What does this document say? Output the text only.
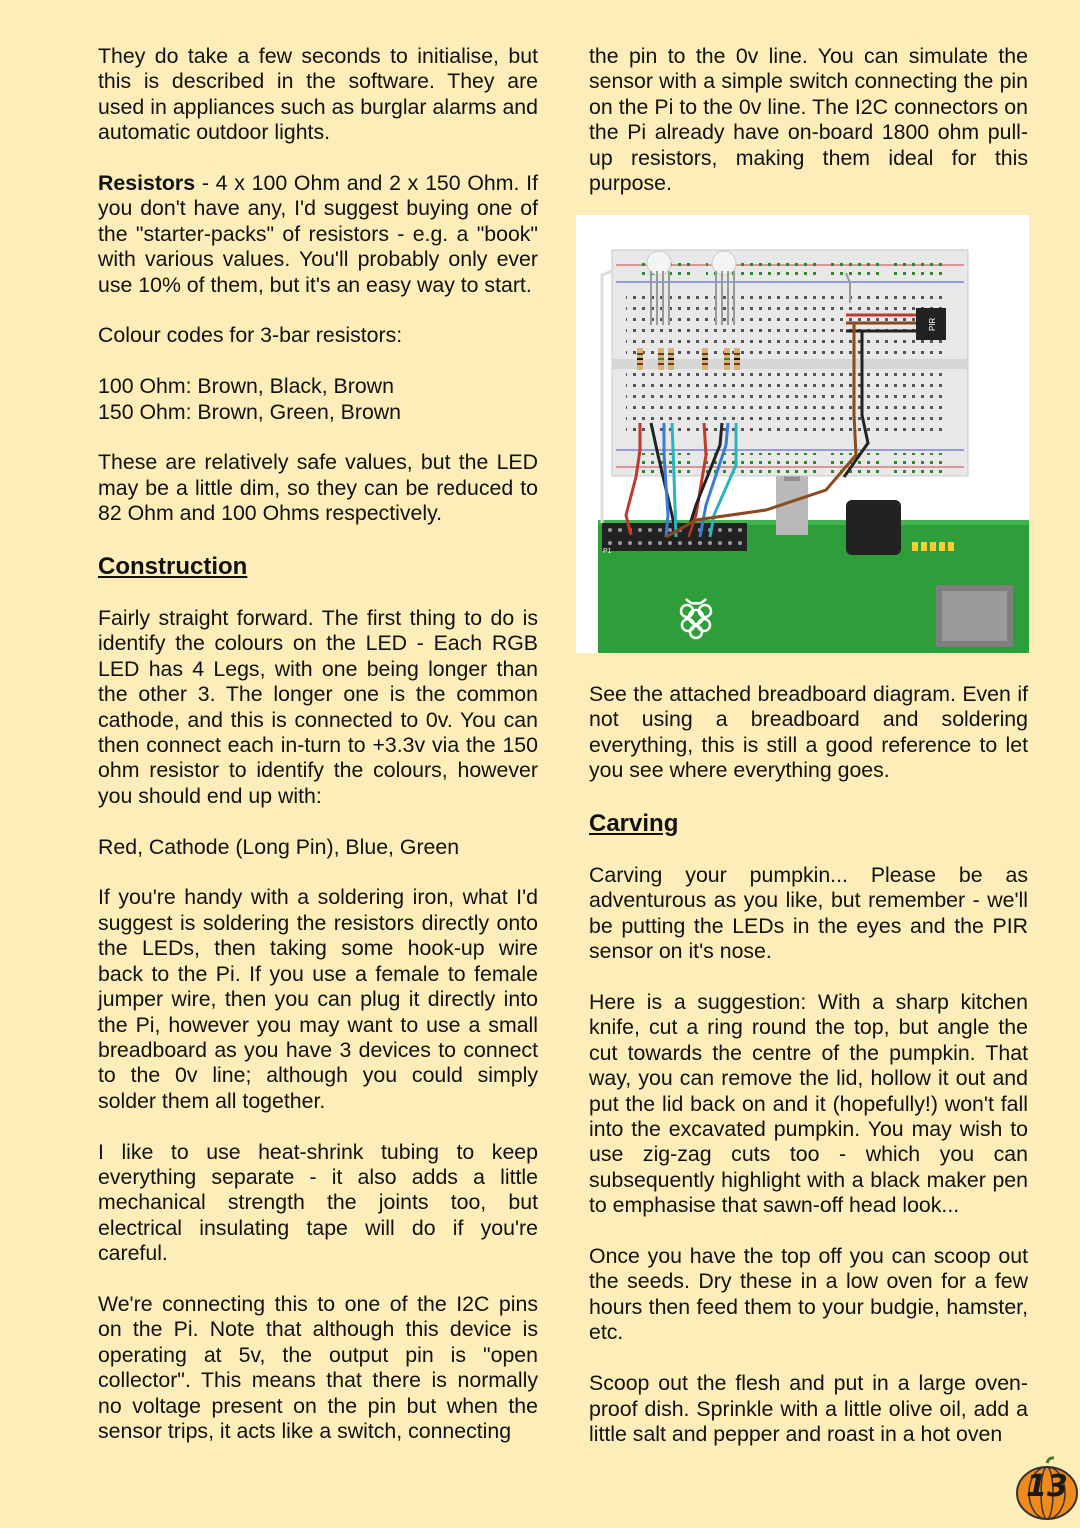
They do take a few seconds to initialise, but this is described in the software. They are used in appliances such as burglar alarms and automatic outdoor lights.

Resistors - 4 x 100 Ohm and 2 x 150 Ohm. If you don't have any, I'd suggest buying one of the "starter-packs" of resistors - e.g. a "book" with various values. You'll probably only ever use 10% of them, but it's an easy way to start.

Colour codes for 3-bar resistors:

100 Ohm: Brown, Black, Brown

150 Ohm: Brown, Green, Brown

These are relatively safe values, but the LED may be a little dim, so they can be reduced to 82 Ohm and 100 Ohms respectively.

Construction

Fairly straight forward. The first thing to do is identify the colours on the LED - Each RGB LED has 4 Legs, with one being longer than the other 3. The longer one is the common cathode, and this is connected to 0v. You can then connect each in-turn to +3.3v via the 150 ohm resistor to identify the colours, however you should end up with:

Red, Cathode (Long Pin), Blue, Green

If you're handy with a soldering iron, what I'd suggest is soldering the resistors directly onto the LEDs, then taking some hook-up wire back to the Pi. If you use a female to female jumper wire, then you can plug it directly into the Pi, however you may want to use a small breadboard as you have 3 devices to connect to the 0v line; although you could simply solder them all together.

I like to use heat-shrink tubing to keep everything separate - it also adds a little mechanical strength the joints too, but electrical insulating tape will do if you're careful.

We're connecting this to one of the I2C pins on the Pi. Note that although this device is operating at 5v, the output pin is "open collector". This means that there is normally no voltage present on the pin but when the sensor trips, it acts like a switch, connecting

the pin to the 0v line. You can simulate the sensor with a simple switch connecting the pin on the Pi to the 0v line. The I2C connectors on the Pi already have on-board 1800 ohm pull-up resistors, making them ideal for this purpose.

P1
PIR

See the attached breadboard diagram. Even if not using a breadboard and soldering everything, this is still a good reference to let you see where everything goes.

Carving

Carving your pumpkin... Please be as adventurous as you like, but remember - we'll be putting the LEDs in the eyes and the PIR sensor on it's nose.

Here is a suggestion: With a sharp kitchen knife, cut a ring round the top, but angle the cut towards the centre of the pumpkin. That way, you can remove the lid, hollow it out and put the lid back on and it (hopefully!) won't fall into the excavated pumpkin. You may wish to use zig-zag cuts too - which you can subsequently highlight with a black maker pen to emphasise that sawn-off head look...

Once you have the top off you can scoop out the seeds. Dry these in a low oven for a few hours then feed them to your budgie, hamster, etc.

Scoop out the flesh and put in a large oven-proof dish. Sprinkle with a little olive oil, add a little salt and pepper and roast in a hot oven

13
